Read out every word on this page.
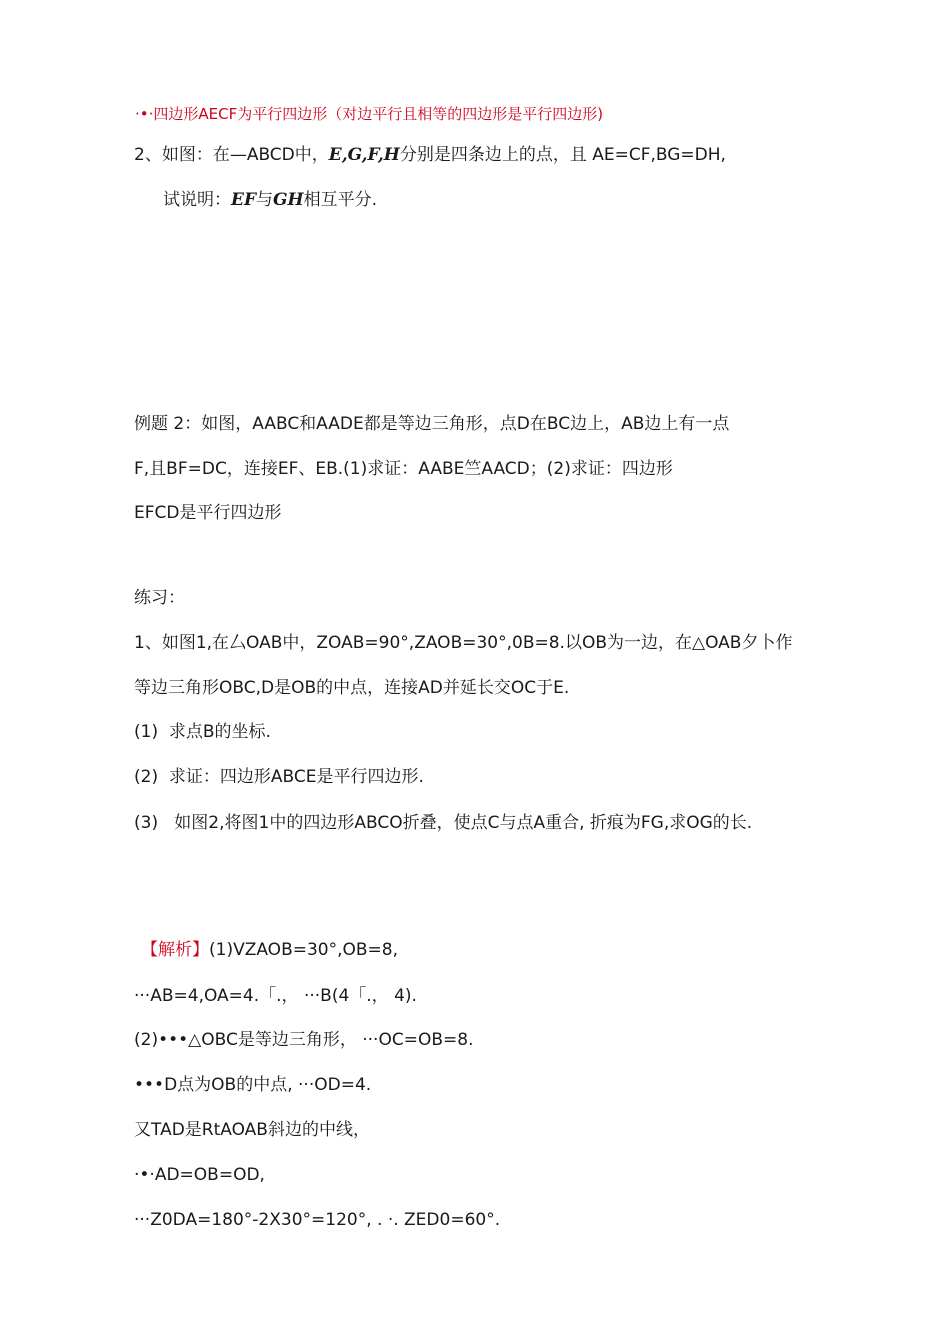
·•·四边形AECF为平行四边形（对边平行且相等的四边形是平行四边形)
2、如图：在—ABCD中，E,G,F,H分别是四条边上的点，且 AE=CF,BG=DH,
试说明：EF与GH相互平分.
例题 2：如图，AABC和AADE都是等边三角形，点D在BC边上，AB边上有一点
F,且BF=DC，连接EF、EB.(1)求证：AABE竺AACD；(2)求证：四边形
EFCD是平行四边形
练习：
1、如图1,在厶OAB中，ZOAB=90°,ZAOB=30°,0B=8.以OB为一边，在△OAB夕卜作
等边三角形OBC,D是OB的中点，连接AD并延长交OC于E.
(1)  求点B的坐标.
(2)  求证：四边形ABCE是平行四边形.
(3)   如图2,将图1中的四边形ABCO折叠，使点C与点A重合, 折痕为FG,求OG的长.
【解析】(1)VZAOB=30°,OB=8,
···AB=4,OA=4.「.， ···B(4「.， 4).
(2)•••△OBC是等边三角形， ···OC=OB=8.
•••D点为OB的中点, ···OD=4.
又TAD是RtAOAB斜边的中线，
·•·AD=OB=OD,
···Z0DA=180°-2X30°=120°, . ·. ZED0=60°.
